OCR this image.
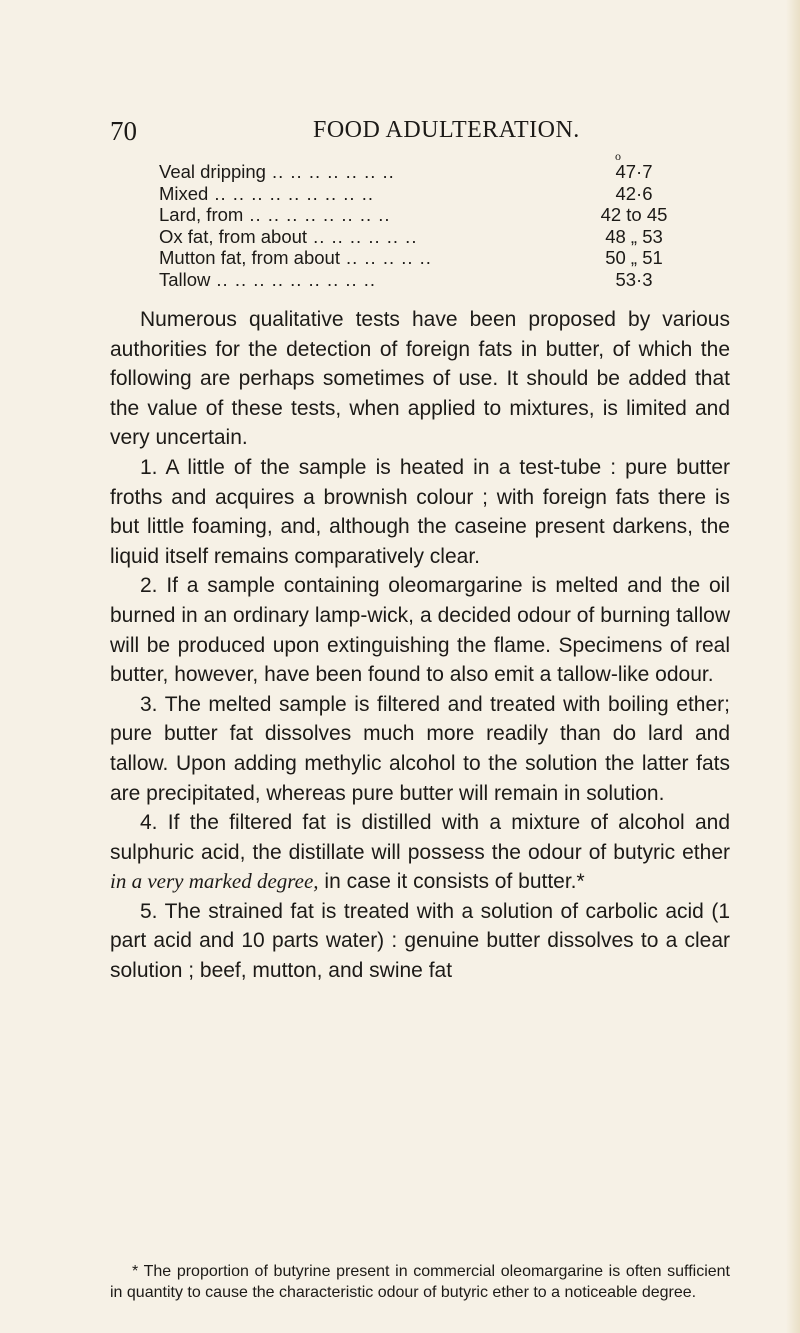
70	FOOD ADULTERATION.
o
Veal dripping .. .. .. .. .. .. ..	47·7
Mixed .. .. .. .. .. .. .. .. ..	42·6
Lard, from .. .. .. .. .. .. .. ..	42 to 45
Ox fat, from about .. .. .. .. .. ..	48 „ 53
Mutton fat, from about .. .. .. .. ..	50 „ 51
Tallow .. .. .. .. .. .. .. .. ..	53·3

Numerous qualitative tests have been proposed by various authorities for the detection of foreign fats in butter, of which the following are perhaps sometimes of use. It should be added that the value of these tests, when applied to mixtures, is limited and very uncertain.

1. A little of the sample is heated in a test-tube : pure butter froths and acquires a brownish colour ; with foreign fats there is but little foaming, and, although the caseine present darkens, the liquid itself remains comparatively clear.

2. If a sample containing oleomargarine is melted and the oil burned in an ordinary lamp-wick, a decided odour of burning tallow will be produced upon extinguishing the flame. Specimens of real butter, however, have been found to also emit a tallow-like odour.

3. The melted sample is filtered and treated with boiling ether; pure butter fat dissolves much more readily than do lard and tallow. Upon adding methylic alcohol to the solution the latter fats are precipitated, whereas pure butter will remain in solution.

4. If the filtered fat is distilled with a mixture of alcohol and sulphuric acid, the distillate will possess the odour of butyric ether in a very marked degree, in case it consists of butter.*

5. The strained fat is treated with a solution of carbolic acid (1 part acid and 10 parts water) : genuine butter dissolves to a clear solution ; beef, mutton, and swine fat

* The proportion of butyrine present in commercial oleomargarine is often sufficient in quantity to cause the characteristic odour of butyric ether to a noticeable degree.
